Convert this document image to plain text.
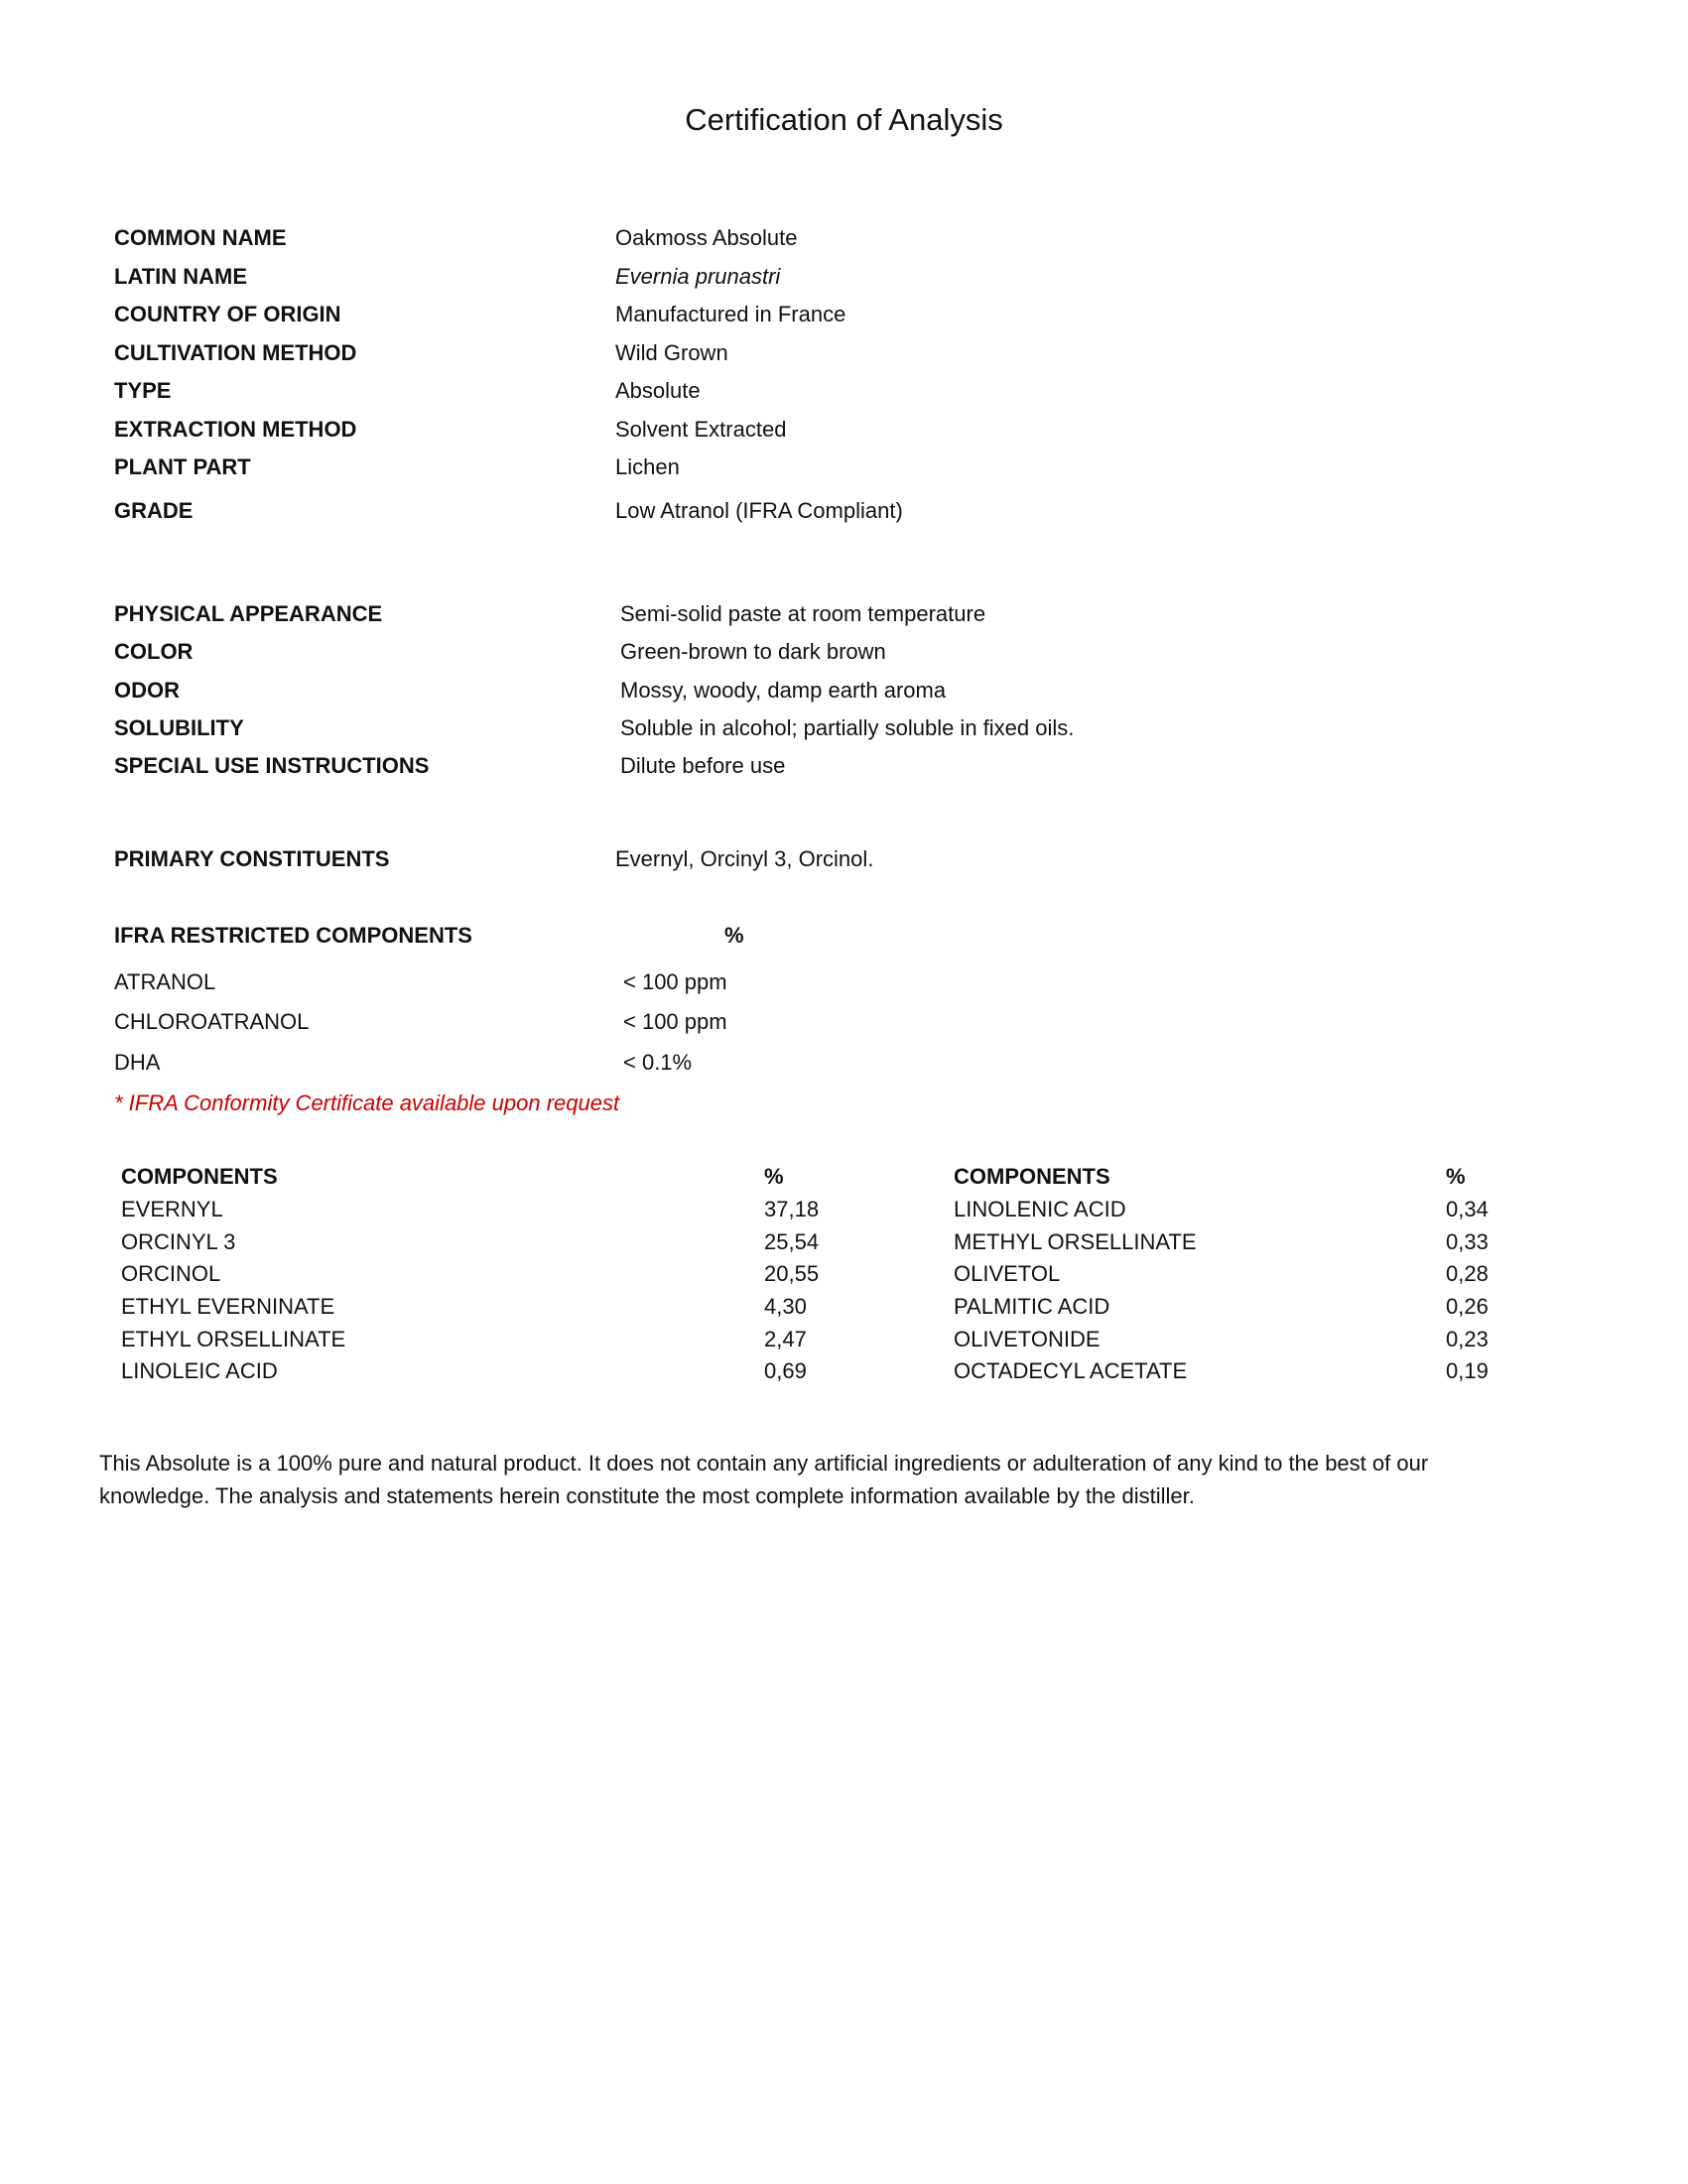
Certification of Analysis
COMMON NAME	Oakmoss Absolute
LATIN NAME	Evernia prunastri
COUNTRY OF ORIGIN	Manufactured in France
CULTIVATION METHOD	Wild Grown
TYPE	Absolute
EXTRACTION METHOD	Solvent Extracted
PLANT PART	Lichen
GRADE	Low Atranol (IFRA Compliant)
PHYSICAL APPEARANCE	Semi-solid paste at room temperature
COLOR	Green-brown to dark brown
ODOR	Mossy, woody, damp earth aroma
SOLUBILITY	Soluble in alcohol; partially soluble in fixed oils.
SPECIAL USE INSTRUCTIONS	Dilute before use
PRIMARY CONSTITUENTS	Evernyl, Orcinyl 3, Orcinol.
IFRA RESTRICTED COMPONENTS	%
ATRANOL	< 100 ppm
CHLOROATRANOL	< 100 ppm
DHA	< 0.1%
* IFRA Conformity Certificate available upon request
COMPONENTS	%
EVERNYL	37,18
ORCINYL 3	25,54
ORCINOL	20,55
ETHYL EVERNINATE	4,30
ETHYL ORSELLINATE	2,47
LINOLEIC ACID	0,69
COMPONENTS	%
LINOLENIC ACID	0,34
METHYL ORSELLINATE	0,33
OLIVETOL	0,28
PALMITIC ACID	0,26
OLIVETONIDE	0,23
OCTADECYL ACETATE	0,19
This Absolute is a 100% pure and natural product. It does not contain any artificial ingredients or adulteration of any kind to the best of our
knowledge. The analysis and statements herein constitute the most complete information available by the distiller.
